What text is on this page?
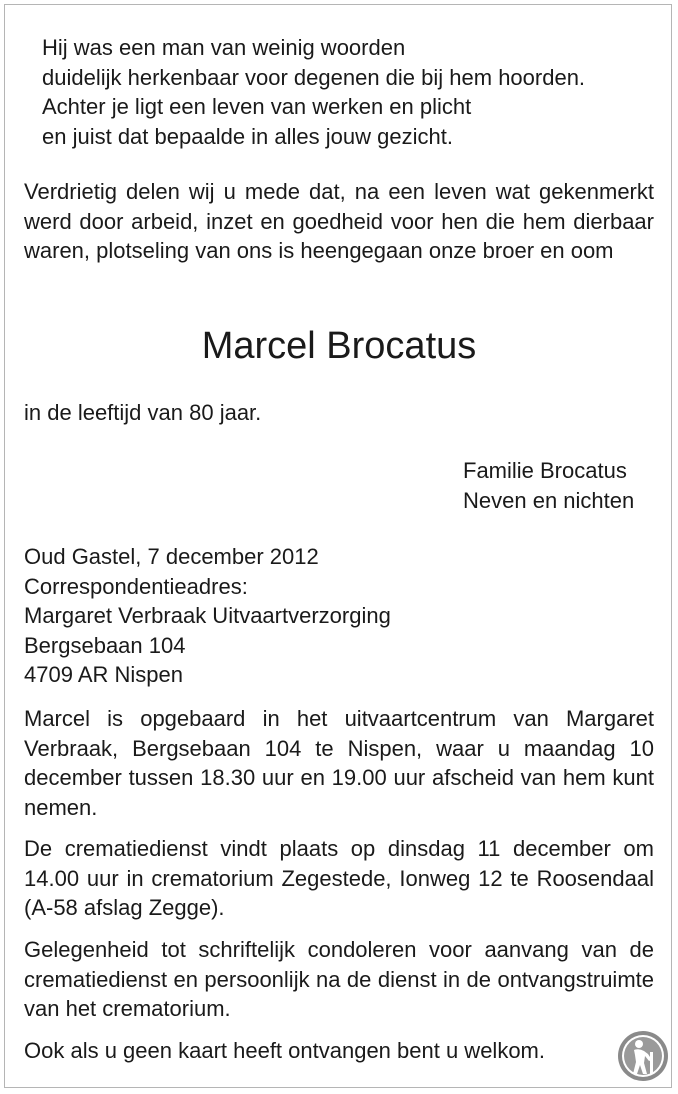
Hij was een man van weinig woorden
duidelijk herkenbaar voor degenen die bij hem hoorden.
Achter je ligt een leven van werken en plicht
en juist dat bepaalde in alles jouw gezicht.
Verdrietig delen wij u mede dat, na een leven wat gekenmerkt werd door arbeid, inzet en goedheid voor hen die hem dierbaar waren, plotseling van ons is heengegaan onze broer en oom
Marcel Brocatus
in de leeftijd van 80 jaar.
Familie Brocatus
Neven en nichten
Oud Gastel, 7 december 2012
Correspondentieadres:
Margaret Verbraak Uitvaartverzorging
Bergsebaan 104
4709 AR Nispen
Marcel is opgebaard in het uitvaartcentrum van Margaret Verbraak, Bergsebaan 104 te Nispen, waar u maandag 10 december tussen 18.30 uur en 19.00 uur afscheid van hem kunt nemen.
De crematiedienst vindt plaats op dinsdag 11 december om 14.00 uur in crematorium Zegestede, Ionweg 12 te Roosendaal (A-58 afslag Zegge).
Gelegenheid tot schriftelijk condoleren voor aanvang van de crematiedienst en persoonlijk na de dienst in de ontvangstruimte van het crematorium.
Ook als u geen kaart heeft ontvangen bent u welkom.
